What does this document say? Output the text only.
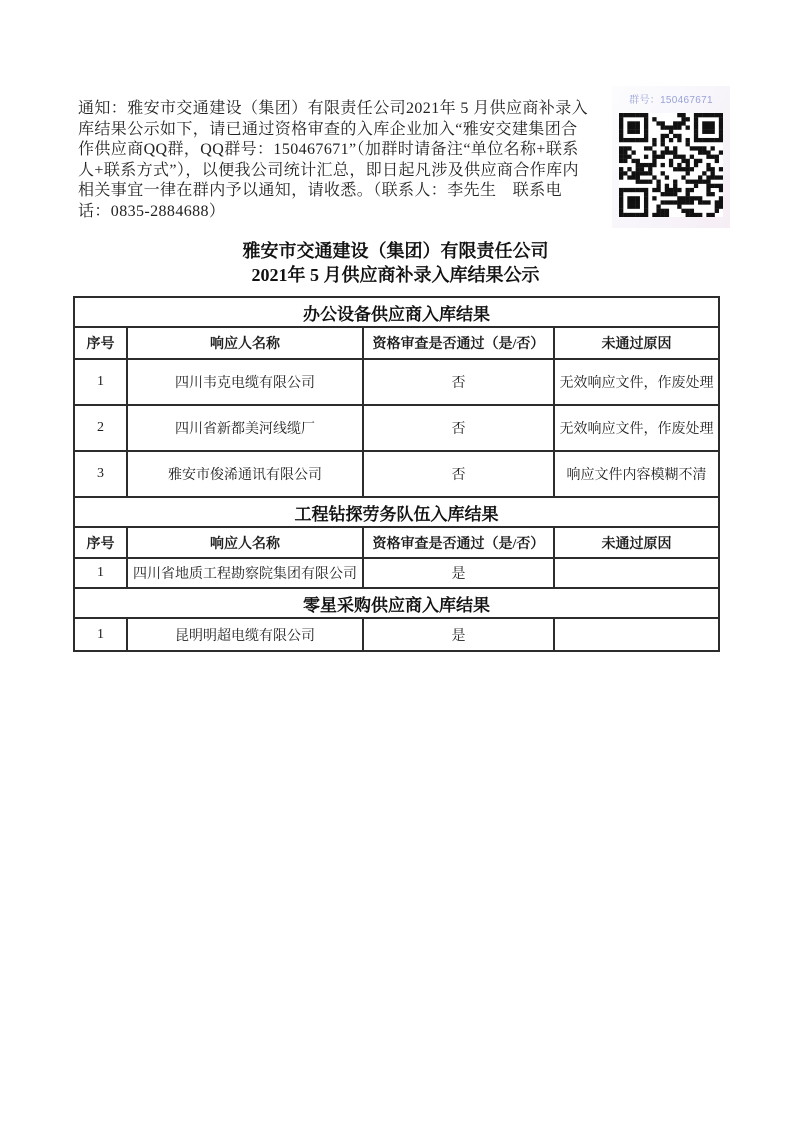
通知：雅安市交通建设（集团）有限责任公司2021年 5 月供应商补录入
库结果公示如下，请已通过资格审查的入库企业加入“雅安交建集团合
作供应商QQ群，QQ群号：150467671”（加群时请备注“单位名称+联系
人+联系方式”），以便我公司统计汇总，即日起凡涉及供应商合作库内
相关事宜一律在群内予以通知，请收悉。（联系人：李先生　联系电
话：0835-2884688）
群号：150467671
雅安市交通建设（集团）有限责任公司
2021年 5 月供应商补录入库结果公示
办公设备供应商入库结果			
序号	响应人名称	资格审查是否通过（是/否）	未通过原因
1	四川韦克电缆有限公司	否	无效响应文件，作废处理
2	四川省新都美河线缆厂	否	无效响应文件，作废处理
3	雅安市俊浠通讯有限公司	否	响应文件内容模糊不清
工程钻探劳务队伍入库结果			
序号	响应人名称	资格审查是否通过（是/否）	未通过原因
1	四川省地质工程勘察院集团有限公司	是	
零星采购供应商入库结果			
1	昆明明超电缆有限公司	是	
